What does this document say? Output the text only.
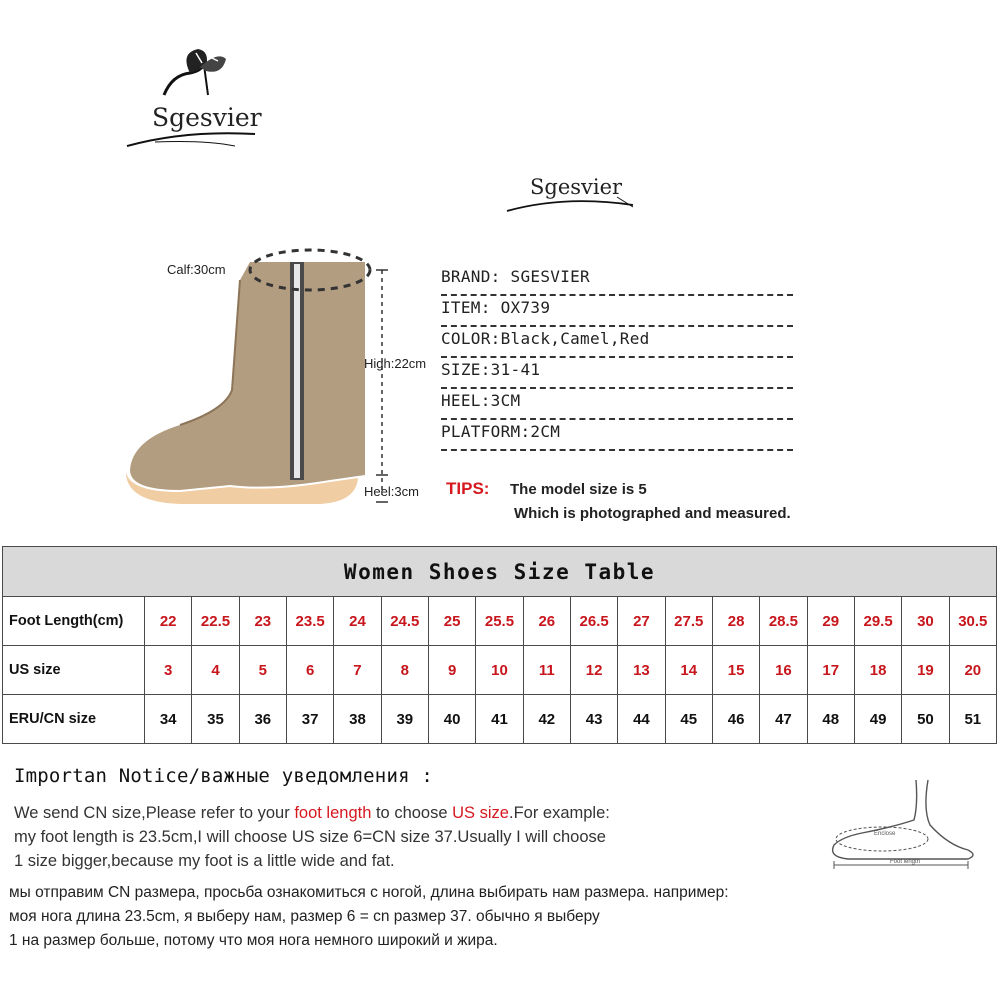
Sgesvier
Sgesvier
Calf:30cm
High:22cm
Heel:3cm
BRAND: SGESVIER
ITEM: OX739
COLOR:Black,Camel,Red
SIZE:31-41
HEEL:3CM
PLATFORM:2CM
TIPS: The model size is 5
Which is photographed and measured.
Women Shoes Size Table																		
Foot Length(cm)	22	22.5	23	23.5	24	24.5	25	25.5	26	26.5	27	27.5	28	28.5	29	29.5	30	30.5
US size	3	4	5	6	7	8	9	10	11	12	13	14	15	16	17	18	19	20
ERU/CN size	34	35	36	37	38	39	40	41	42	43	44	45	46	47	48	49	50	51
Importan Notice/важные уведомления :
We send CN size,Please refer to your foot length to choose US size.For example:
my foot length is 23.5cm,I will choose US size 6=CN size 37.Usually I will choose
1 size bigger,because my foot is a little wide and fat.
мы отправим CN размера, просьба ознакомиться с ногой, длина выбирать нам размера. например:
моя нога длина 23.5cm, я выберу нам, размер 6 = cn размер 37. обычно я выберу
1 на размер больше, потому что моя нога немного широкий и жира.
Enclose
Foot length
